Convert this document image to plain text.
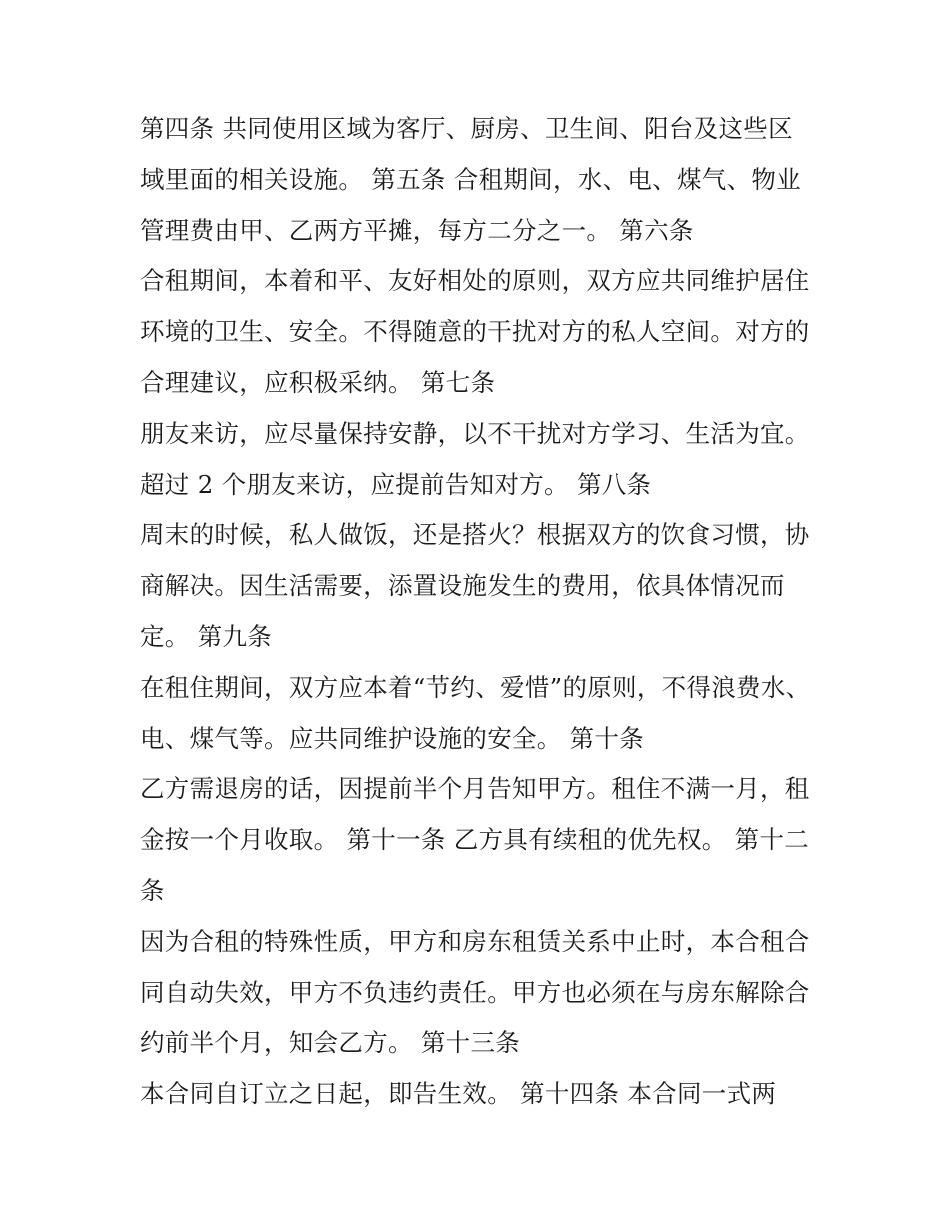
第四条 共同使用区域为客厅、厨房、卫生间、阳台及这些区
域里面的相关设施。 第五条 合租期间，水、电、煤气、物业
管理费由甲、乙两方平摊，每方二分之一。 第六条
合租期间，本着和平、友好相处的原则，双方应共同维护居住
环境的卫生、安全。不得随意的干扰对方的私人空间。对方的
合理建议，应积极采纳。 第七条
朋友来访，应尽量保持安静，以不干扰对方学习、生活为宜。
超过 2 个朋友来访，应提前告知对方。 第八条
周末的时候，私人做饭，还是搭火？根据双方的饮食习惯，协
商解决。因生活需要，添置设施发生的费用，依具体情况而
定。 第九条
在租住期间，双方应本着“节约、爱惜”的原则，不得浪费水、
电、煤气等。应共同维护设施的安全。 第十条
乙方需退房的话，因提前半个月告知甲方。租住不满一月，租
金按一个月收取。 第十一条 乙方具有续租的优先权。 第十二
条
因为合租的特殊性质，甲方和房东租赁关系中止时，本合租合
同自动失效，甲方不负违约责任。甲方也必须在与房东解除合
约前半个月，知会乙方。 第十三条
本合同自订立之日起，即告生效。 第十四条 本合同一式两
